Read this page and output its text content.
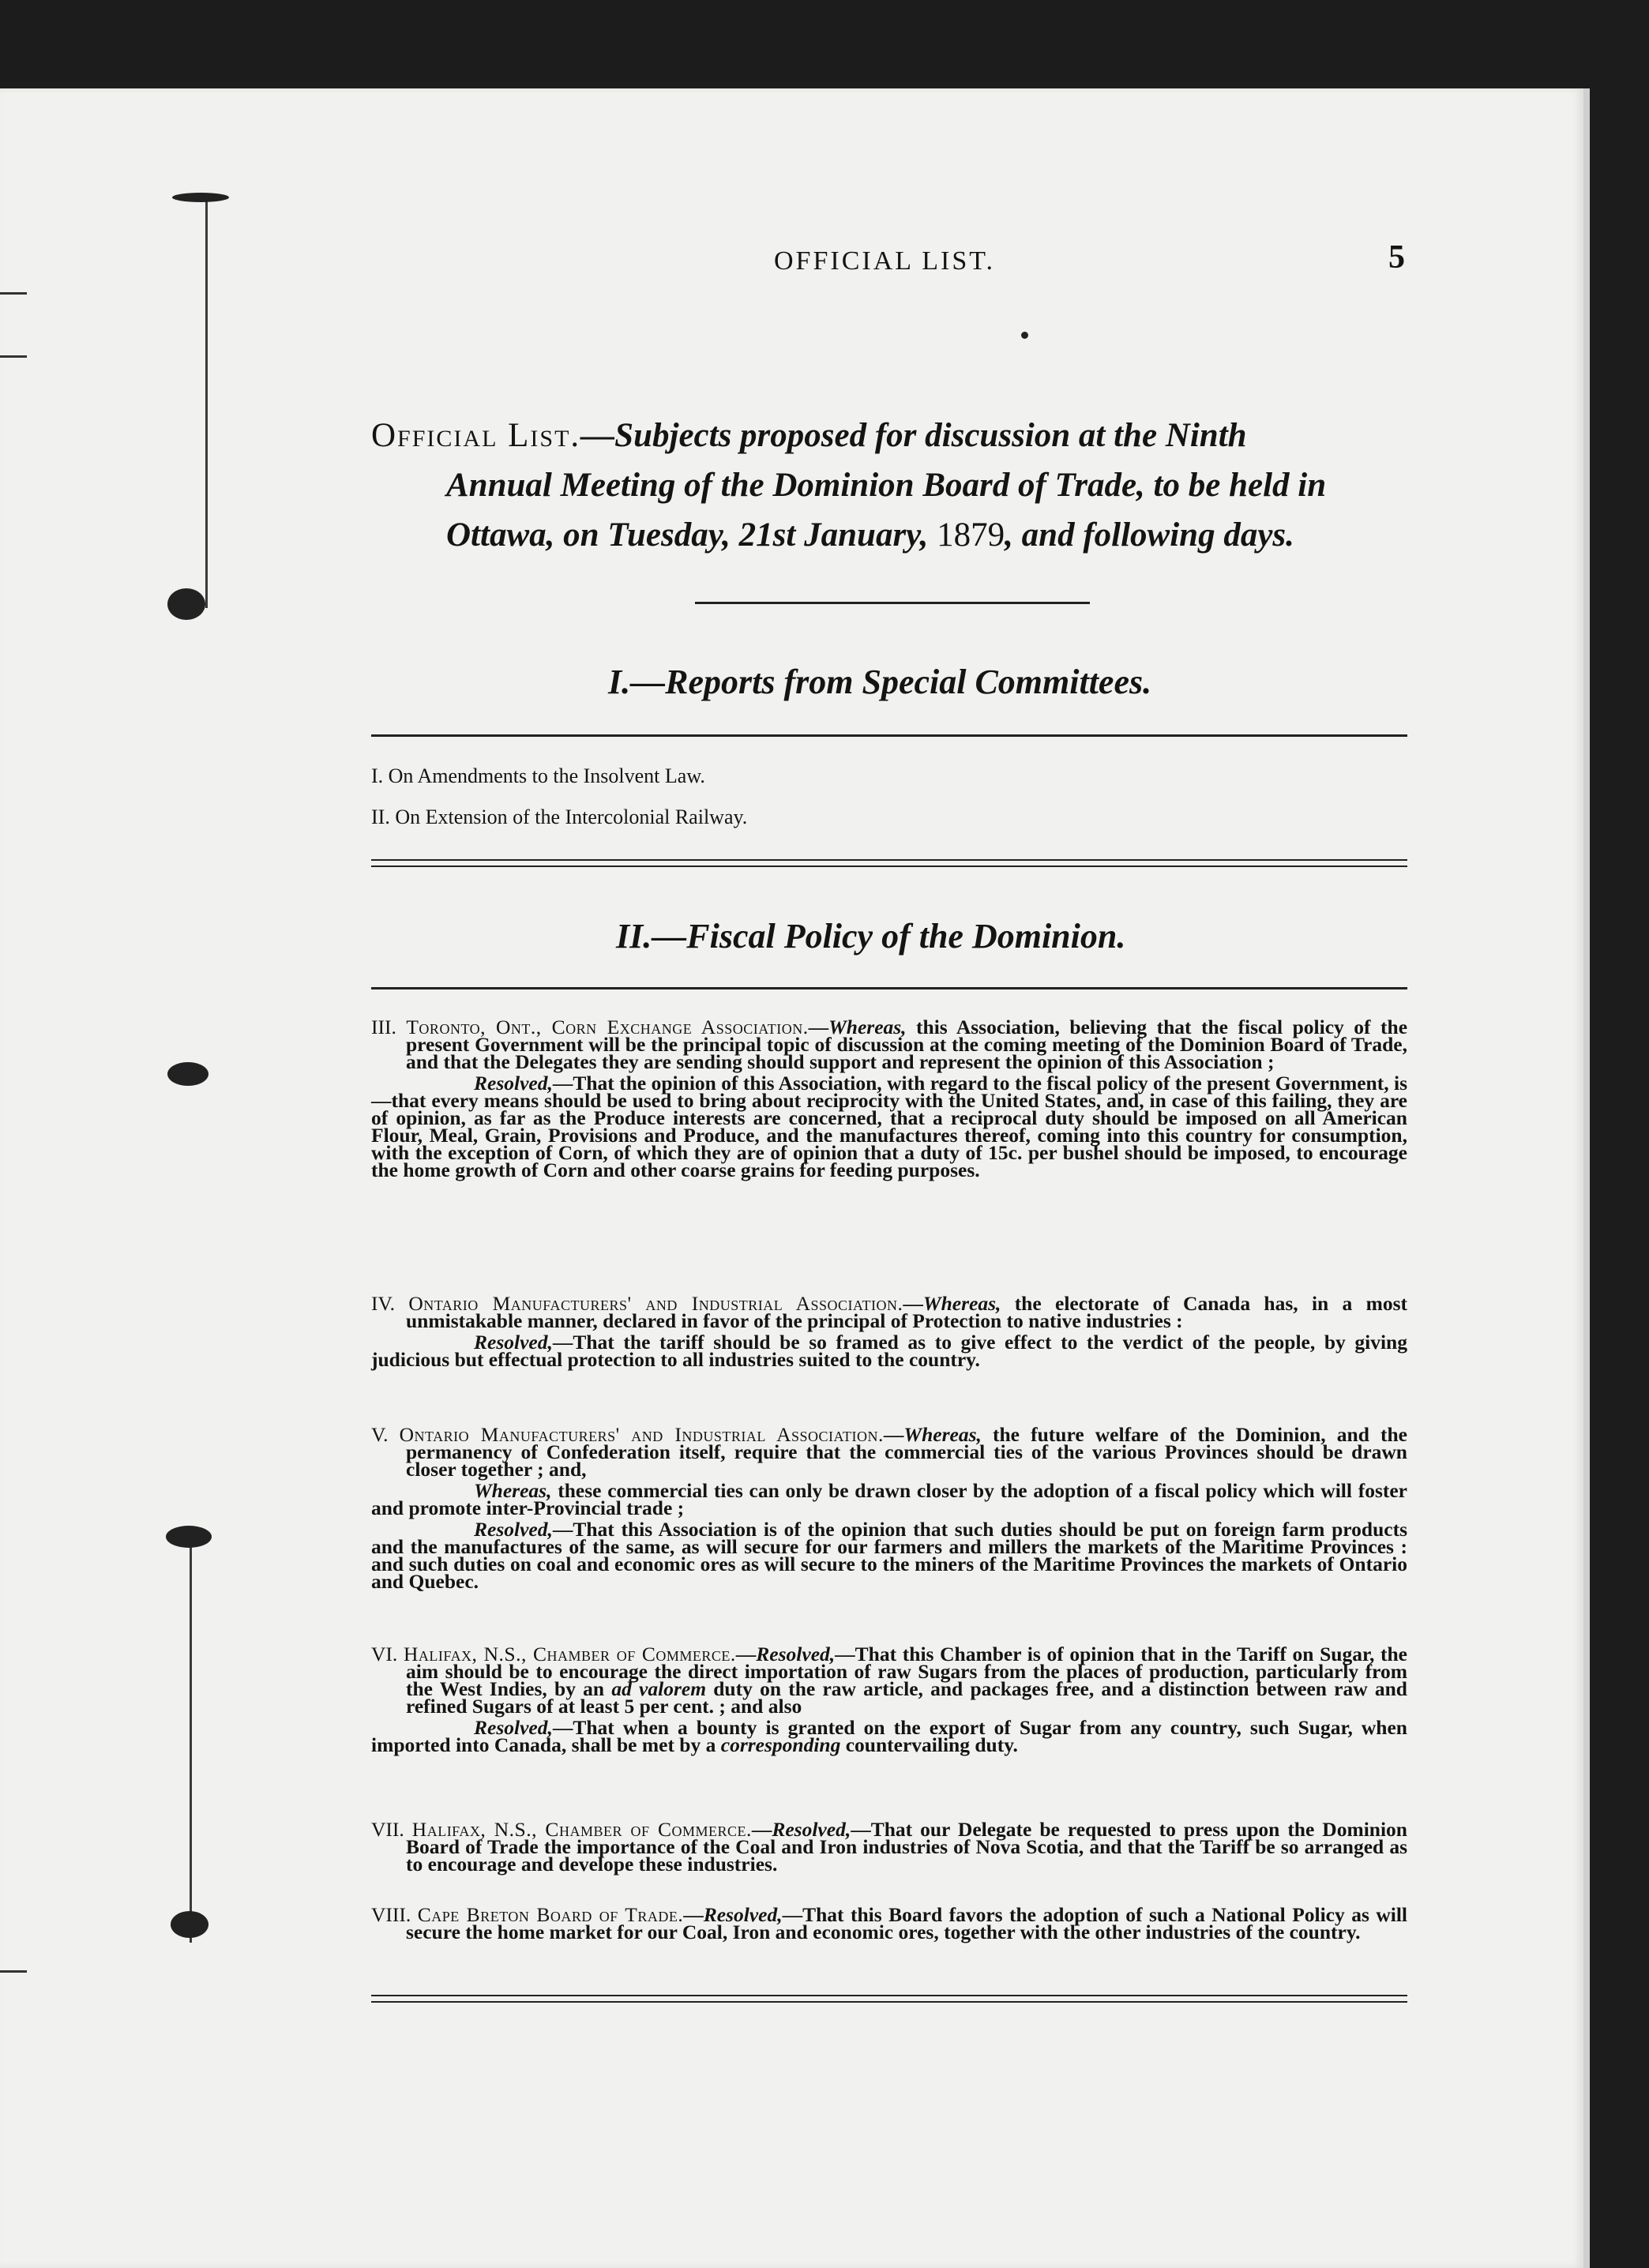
OFFICIAL LIST.	5
Official List.—Subjects proposed for discussion at the Ninth
Annual Meeting of the Dominion Board of Trade, to be held in
Ottawa, on Tuesday, 21st January, 1879, and following days.
I.—Reports from Special Committees.
I. On Amendments to the Insolvent Law.
II. On Extension of the Intercolonial Railway.
II.—Fiscal Policy of the Dominion.

III. Toronto, Ont., Corn Exchange Association.—Whereas, this Association, believing that the fiscal policy of the present Government will be the principal topic of discussion at the coming meeting of the Dominion Board of Trade, and that the Delegates they are sending should support and represent the opinion of this Association ;

Resolved,—That the opinion of this Association, with regard to the fiscal policy of the present Government, is—that every means should be used to bring about reciprocity with the United States, and, in case of this failing, they are of opinion, as far as the Produce interests are concerned, that a reciprocal duty should be imposed on all American Flour, Meal, Grain, Provisions and Produce, and the manufactures thereof, coming into this country for consumption, with the exception of Corn, of which they are of opinion that a duty of 15c. per bushel should be imposed, to encourage the home growth of Corn and other coarse grains for feeding purposes.

IV. Ontario Manufacturers' and Industrial Association.—Whereas, the electorate of Canada has, in a most unmistakable manner, declared in favor of the principal of Protection to native industries :

Resolved,—That the tariff should be so framed as to give effect to the verdict of the people, by giving judicious but effectual protection to all industries suited to the country.

V. Ontario Manufacturers' and Industrial Association.—Whereas, the future welfare of the Dominion, and the permanency of Confederation itself, require that the commercial ties of the various Provinces should be drawn closer together ; and,

Whereas, these commercial ties can only be drawn closer by the adoption of a fiscal policy which will foster and promote inter-Provincial trade ;

Resolved,—That this Association is of the opinion that such duties should be put on foreign farm products and the manufactures of the same, as will secure for our farmers and millers the markets of the Maritime Provinces : and such duties on coal and economic ores as will secure to the miners of the Maritime Provinces the markets of Ontario and Quebec.

VI. Halifax, N.S., Chamber of Commerce.—Resolved,—That this Chamber is of opinion that in the Tariff on Sugar, the aim should be to encourage the direct importation of raw Sugars from the places of production, particularly from the West Indies, by an ad valorem duty on the raw article, and packages free, and a distinction between raw and refined Sugars of at least 5 per cent. ; and also

Resolved,—That when a bounty is granted on the export of Sugar from any country, such Sugar, when imported into Canada, shall be met by a corresponding countervailing duty.

VII. Halifax, N.S., Chamber of Commerce.—Resolved,—That our Delegate be requested to press upon the Dominion Board of Trade the importance of the Coal and Iron industries of Nova Scotia, and that the Tariff be so arranged as to encourage and develope these industries.

VIII. Cape Breton Board of Trade.—Resolved,—That this Board favors the adoption of such a National Policy as will secure the home market for our Coal, Iron and economic ores, together with the other industries of the country.
